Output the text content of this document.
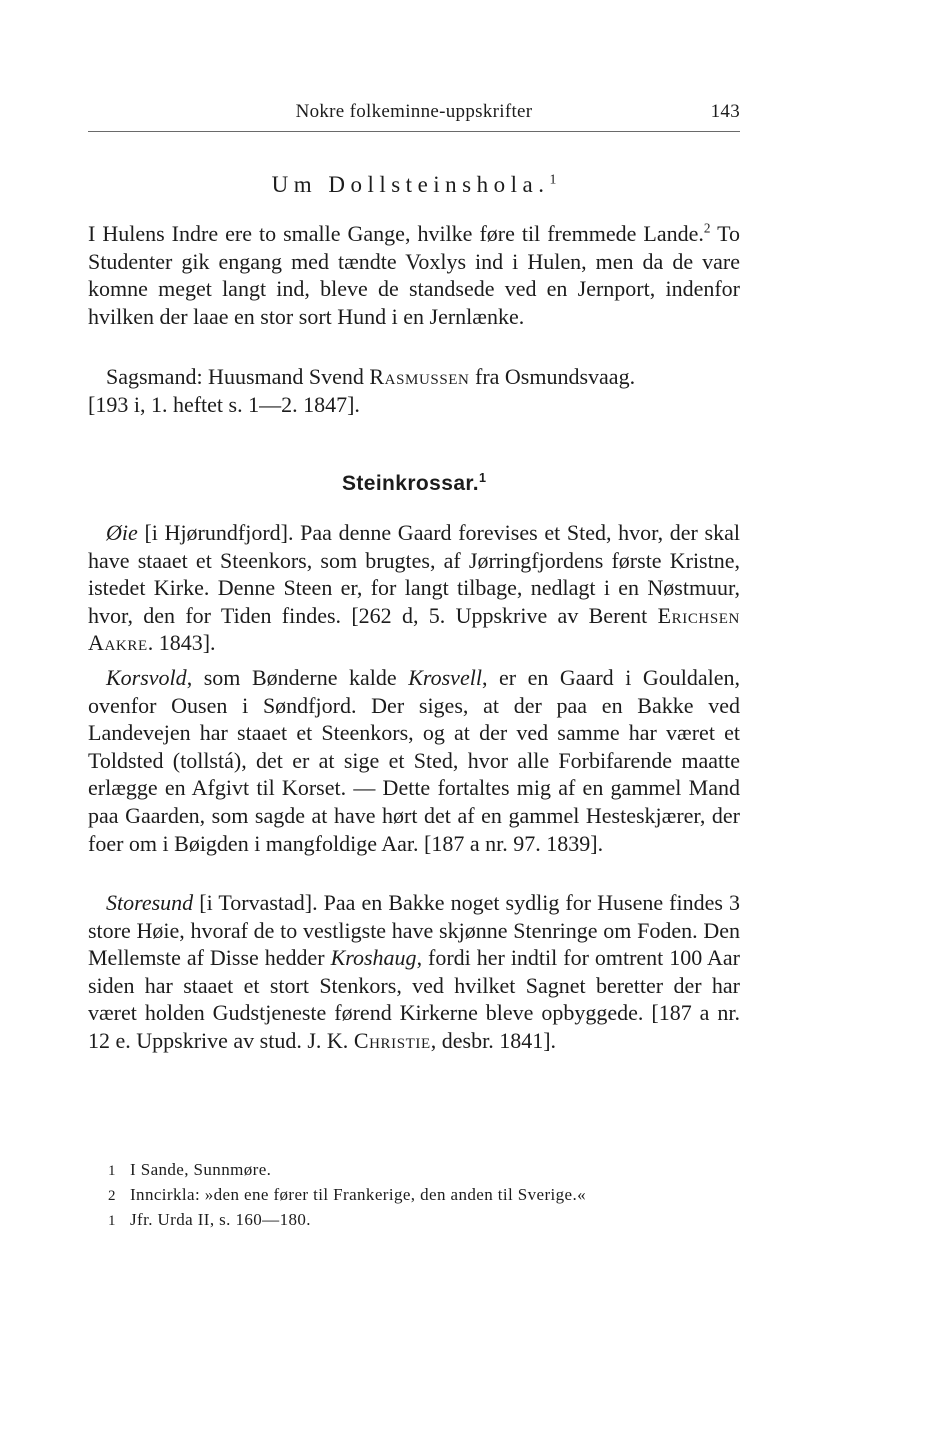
Nokre folkeminne-uppskrifter	143
Um Dollsteinshola.$^1$

I Hulens Indre ere to smalle Gange, hvilke føre til fremmede Lande.$^2$ To Studenter gik engang med tændte Voxlys ind i Hulen, men da de vare komne meget langt ind, bleve de standsede ved en Jernport, indenfor hvilken der laae en stor sort Hund i en Jernlænke.

Sagsmand: Huusmand Svend Rasmussen fra Osmundsvaag.
[193 i, 1. heftet s. 1—2. 1847].

Steinkrossar.$^1$

Øie [i Hjørundfjord]. Paa denne Gaard forevises et Sted, hvor, der skal have staaet et Steenkors, som brugtes, af Jørringfjordens første Kristne, istedet Kirke. Denne Steen er, for langt tilbage, nedlagt i en Nøstmuur, hvor, den for Tiden findes. [262 d, 5. Uppskrive av Berent Erichsen Aakre. 1843].

Korsvold, som Bønderne kalde Krosvell, er en Gaard i Gouldalen, ovenfor Ousen i Søndfjord. Der siges, at der paa en Bakke ved Landevejen har staaet et Steenkors, og at der ved samme har været et Toldsted (tollstá), det er at sige et Sted, hvor alle Forbifarende maatte erlægge en Afgivt til Korset. — Dette fortaltes mig af en gammel Mand paa Gaarden, som sagde at have hørt det af en gammel Hesteskjærer, der foer om i Bøigden i mangfoldige Aar. [187 a nr. 97. 1839].

Storesund [i Torvastad]. Paa en Bakke noget sydlig for Husene findes 3 store Høie, hvoraf de to vestligste have skjønne Stenringe om Foden. Den Mellemste af Disse hedder Kroshaug, fordi her indtil for omtrent 100 Aar siden har staaet et stort Stenkors, ved hvilket Sagnet beretter der har været holden Gudstjeneste førend Kirkerne bleve opbyggede. [187 a nr. 12 e. Uppskrive av stud. J. K. Christie, desbr. 1841].

1 I Sande, Sunnmøre.
2 Inncirkla: »den ene fører til Frankerige, den anden til Sverige.«
1 Jfr. Urda II, s. 160—180.
